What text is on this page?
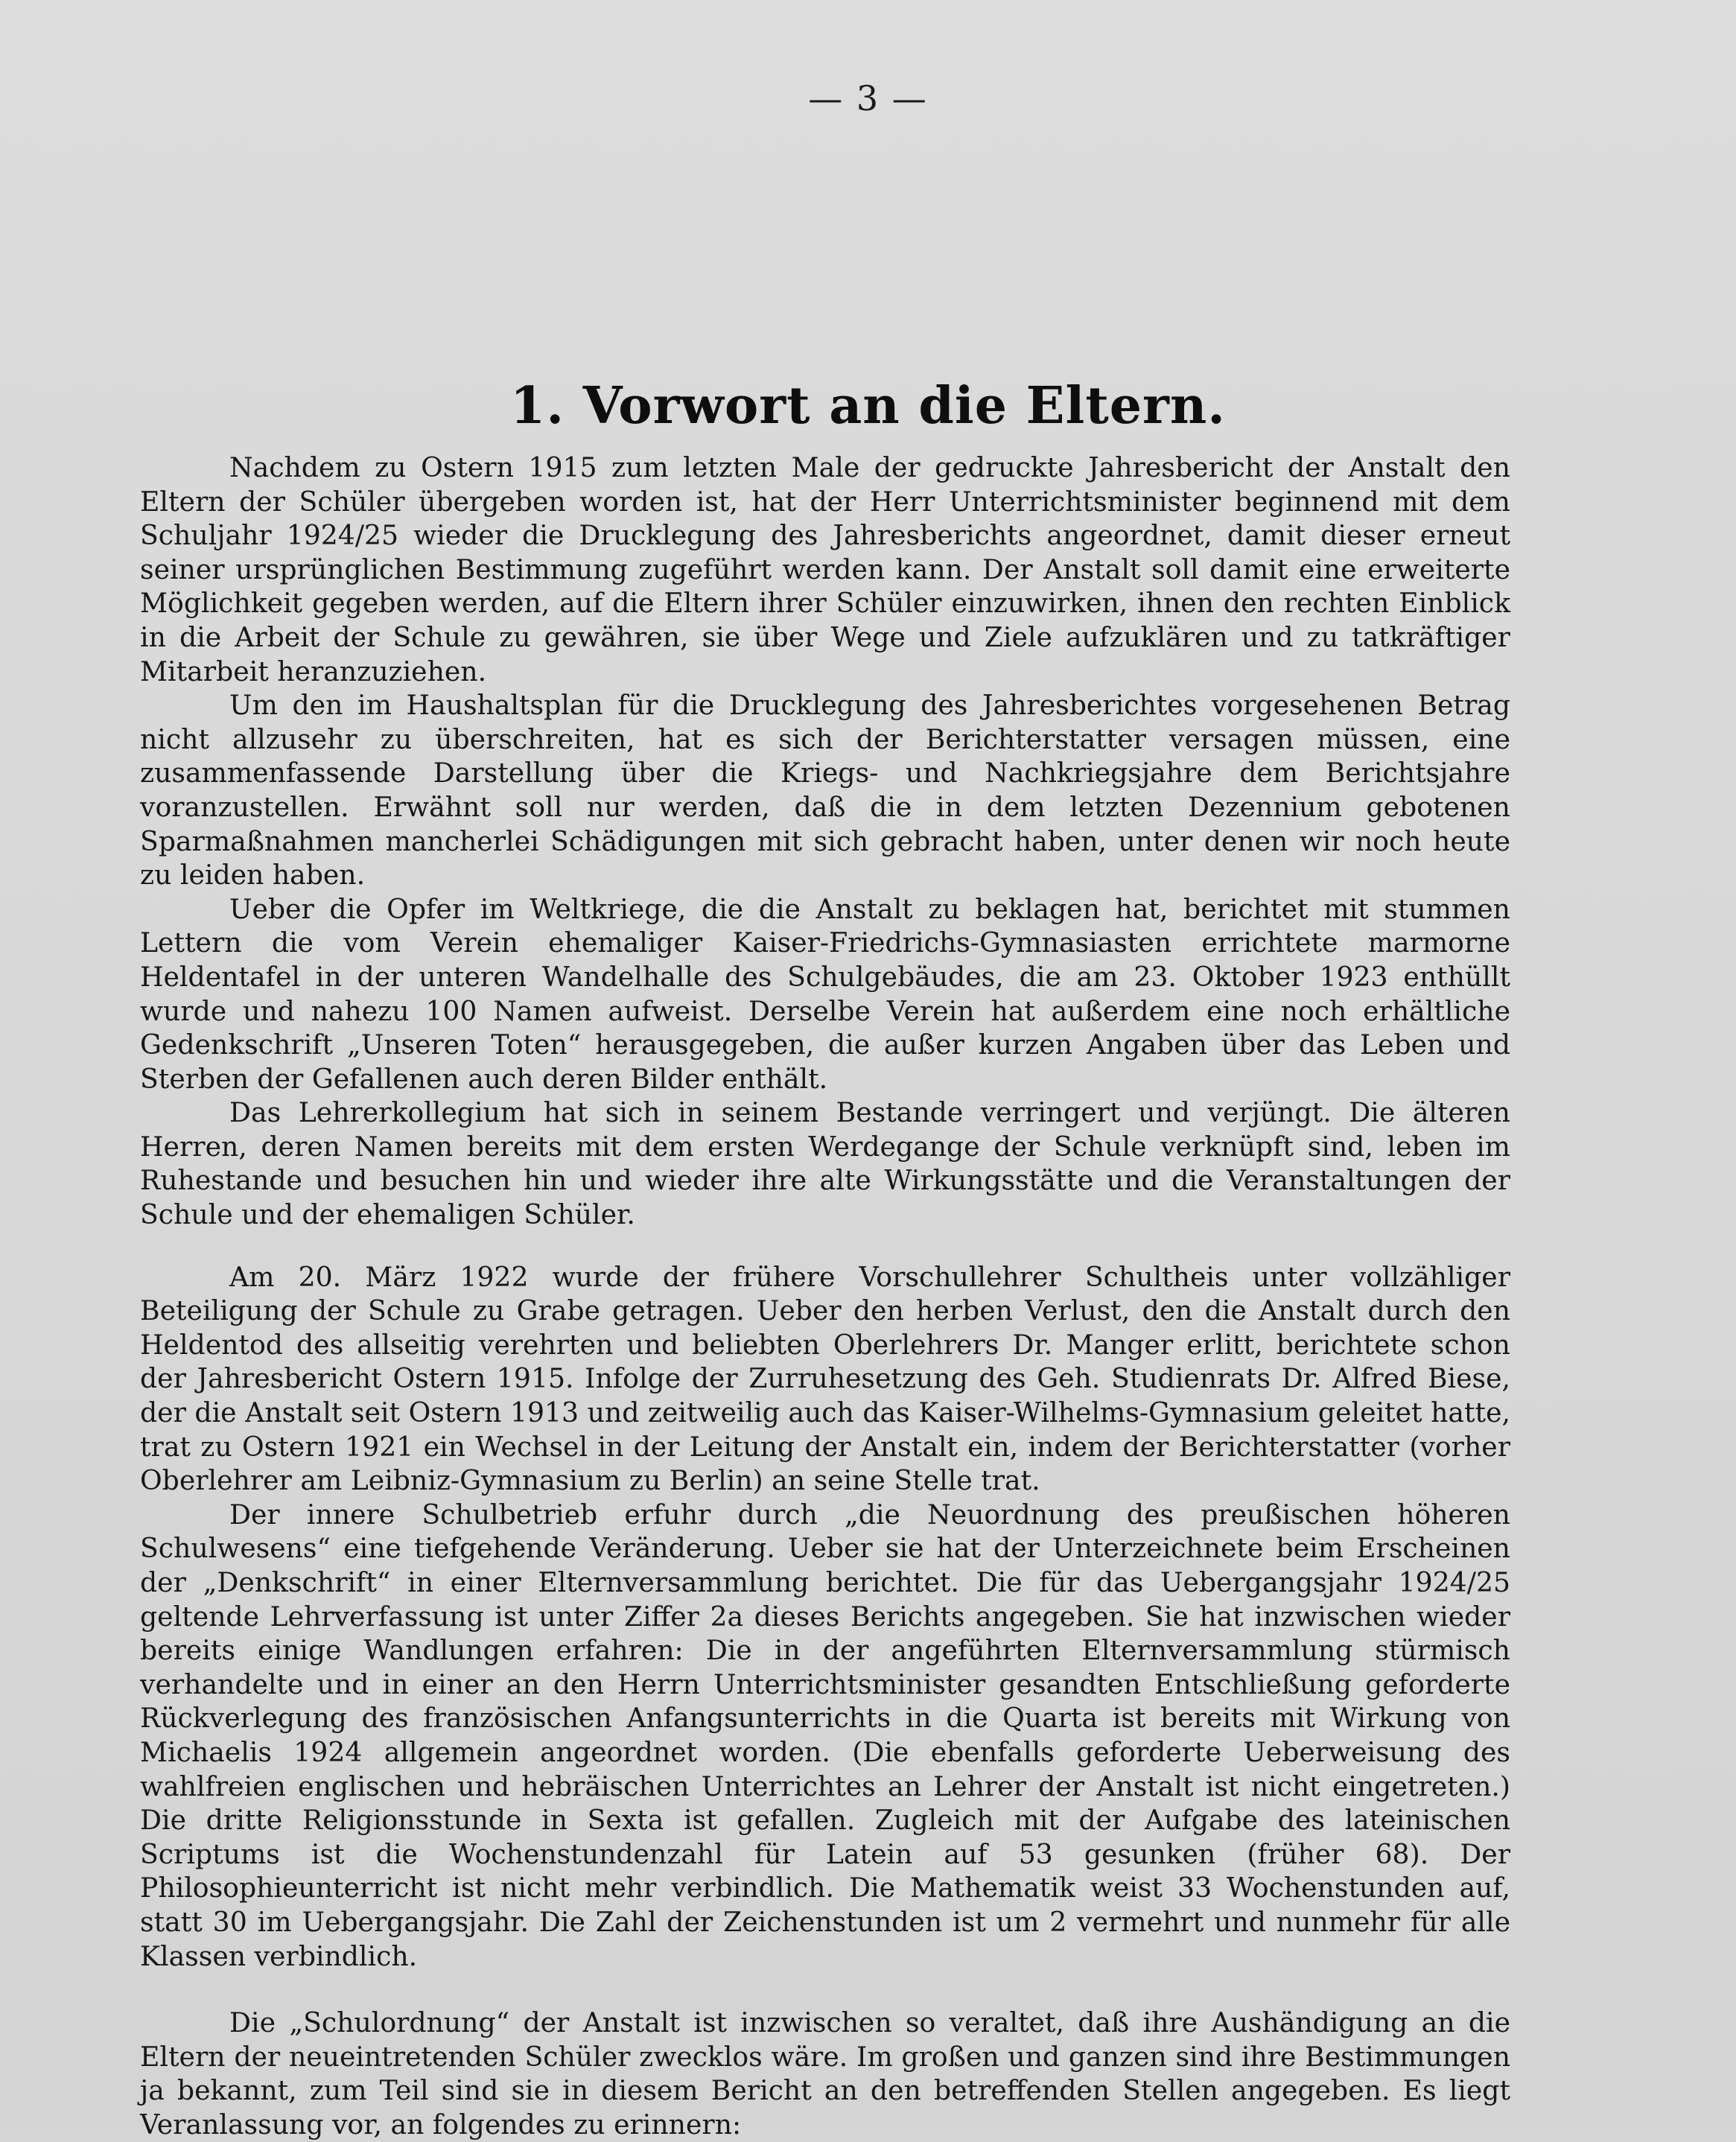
— 3 —
1. Vorwort an die Eltern.

Nachdem zu Ostern 1915 zum letzten Male der gedruckte Jahresbericht der Anstalt den Eltern der Schüler übergeben worden ist, hat der Herr Unterrichtsminister beginnend mit dem Schuljahr 1924/25 wieder die Drucklegung des Jahresberichts angeordnet, damit dieser erneut seiner ursprünglichen Bestimmung zugeführt werden kann. Der Anstalt soll damit eine erweiterte Möglichkeit gegeben werden, auf die Eltern ihrer Schüler einzuwirken, ihnen den rechten Einblick in die Arbeit der Schule zu gewähren, sie über Wege und Ziele aufzuklären und zu tatkräftiger Mitarbeit heranzuziehen.

Um den im Haushaltsplan für die Drucklegung des Jahresberichtes vorgesehenen Betrag nicht allzusehr zu überschreiten, hat es sich der Berichterstatter versagen müssen, eine zusammenfassende Darstellung über die Kriegs- und Nachkriegsjahre dem Berichtsjahre voranzustellen. Erwähnt soll nur werden, daß die in dem letzten Dezennium gebotenen Sparmaßnahmen mancherlei Schädigungen mit sich gebracht haben, unter denen wir noch heute zu leiden haben.

Ueber die Opfer im Weltkriege, die die Anstalt zu beklagen hat, berichtet mit stummen Lettern die vom Verein ehemaliger Kaiser-Friedrichs-Gymnasiasten errichtete marmorne Heldentafel in der unteren Wandelhalle des Schulgebäudes, die am 23. Oktober 1923 enthüllt wurde und nahezu 100 Namen aufweist. Derselbe Verein hat außerdem eine noch erhältliche Gedenkschrift „Unseren Toten“ herausgegeben, die außer kurzen Angaben über das Leben und Sterben der Gefallenen auch deren Bilder enthält.

Das Lehrerkollegium hat sich in seinem Bestande verringert und verjüngt. Die älteren Herren, deren Namen bereits mit dem ersten Werdegange der Schule verknüpft sind, leben im Ruhestande und besuchen hin und wieder ihre alte Wirkungsstätte und die Veranstaltungen der Schule und der ehemaligen Schüler.

Am 20. März 1922 wurde der frühere Vorschullehrer Schultheis unter vollzähliger Beteiligung der Schule zu Grabe getragen. Ueber den herben Verlust, den die Anstalt durch den Heldentod des allseitig verehrten und beliebten Oberlehrers Dr. Manger erlitt, berichtete schon der Jahresbericht Ostern 1915. Infolge der Zurruhesetzung des Geh. Studienrats Dr. Alfred Biese, der die Anstalt seit Ostern 1913 und zeitweilig auch das Kaiser-Wilhelms-Gymnasium geleitet hatte, trat zu Ostern 1921 ein Wechsel in der Leitung der Anstalt ein, indem der Berichterstatter (vorher Oberlehrer am Leibniz-Gymnasium zu Berlin) an seine Stelle trat.

Der innere Schulbetrieb erfuhr durch „die Neuordnung des preußischen höheren Schulwesens“ eine tiefgehende Veränderung. Ueber sie hat der Unterzeichnete beim Erscheinen der „Denkschrift“ in einer Elternversammlung berichtet. Die für das Uebergangsjahr 1924/25 geltende Lehrverfassung ist unter Ziffer 2a dieses Berichts angegeben. Sie hat inzwischen wieder bereits einige Wandlungen erfahren: Die in der angeführten Elternversammlung stürmisch verhandelte und in einer an den Herrn Unterrichtsminister gesandten Entschließung geforderte Rückverlegung des französischen Anfangsunterrichts in die Quarta ist bereits mit Wirkung von Michaelis 1924 allgemein angeordnet worden. (Die ebenfalls geforderte Ueberweisung des wahlfreien englischen und hebräischen Unterrichtes an Lehrer der Anstalt ist nicht eingetreten.) Die dritte Religionsstunde in Sexta ist gefallen. Zugleich mit der Aufgabe des lateinischen Scriptums ist die Wochenstundenzahl für Latein auf 53 gesunken (früher 68). Der Philosophieunterricht ist nicht mehr verbindlich. Die Mathematik weist 33 Wochenstunden auf, statt 30 im Uebergangsjahr. Die Zahl der Zeichenstunden ist um 2 vermehrt und nunmehr für alle Klassen verbindlich.

Die „Schulordnung“ der Anstalt ist inzwischen so veraltet, daß ihre Aushändigung an die Eltern der neueintretenden Schüler zwecklos wäre. Im großen und ganzen sind ihre Bestimmungen ja bekannt, zum Teil sind sie in diesem Bericht an den betreffenden Stellen angegeben. Es liegt Veranlassung vor, an folgendes zu erinnern:
